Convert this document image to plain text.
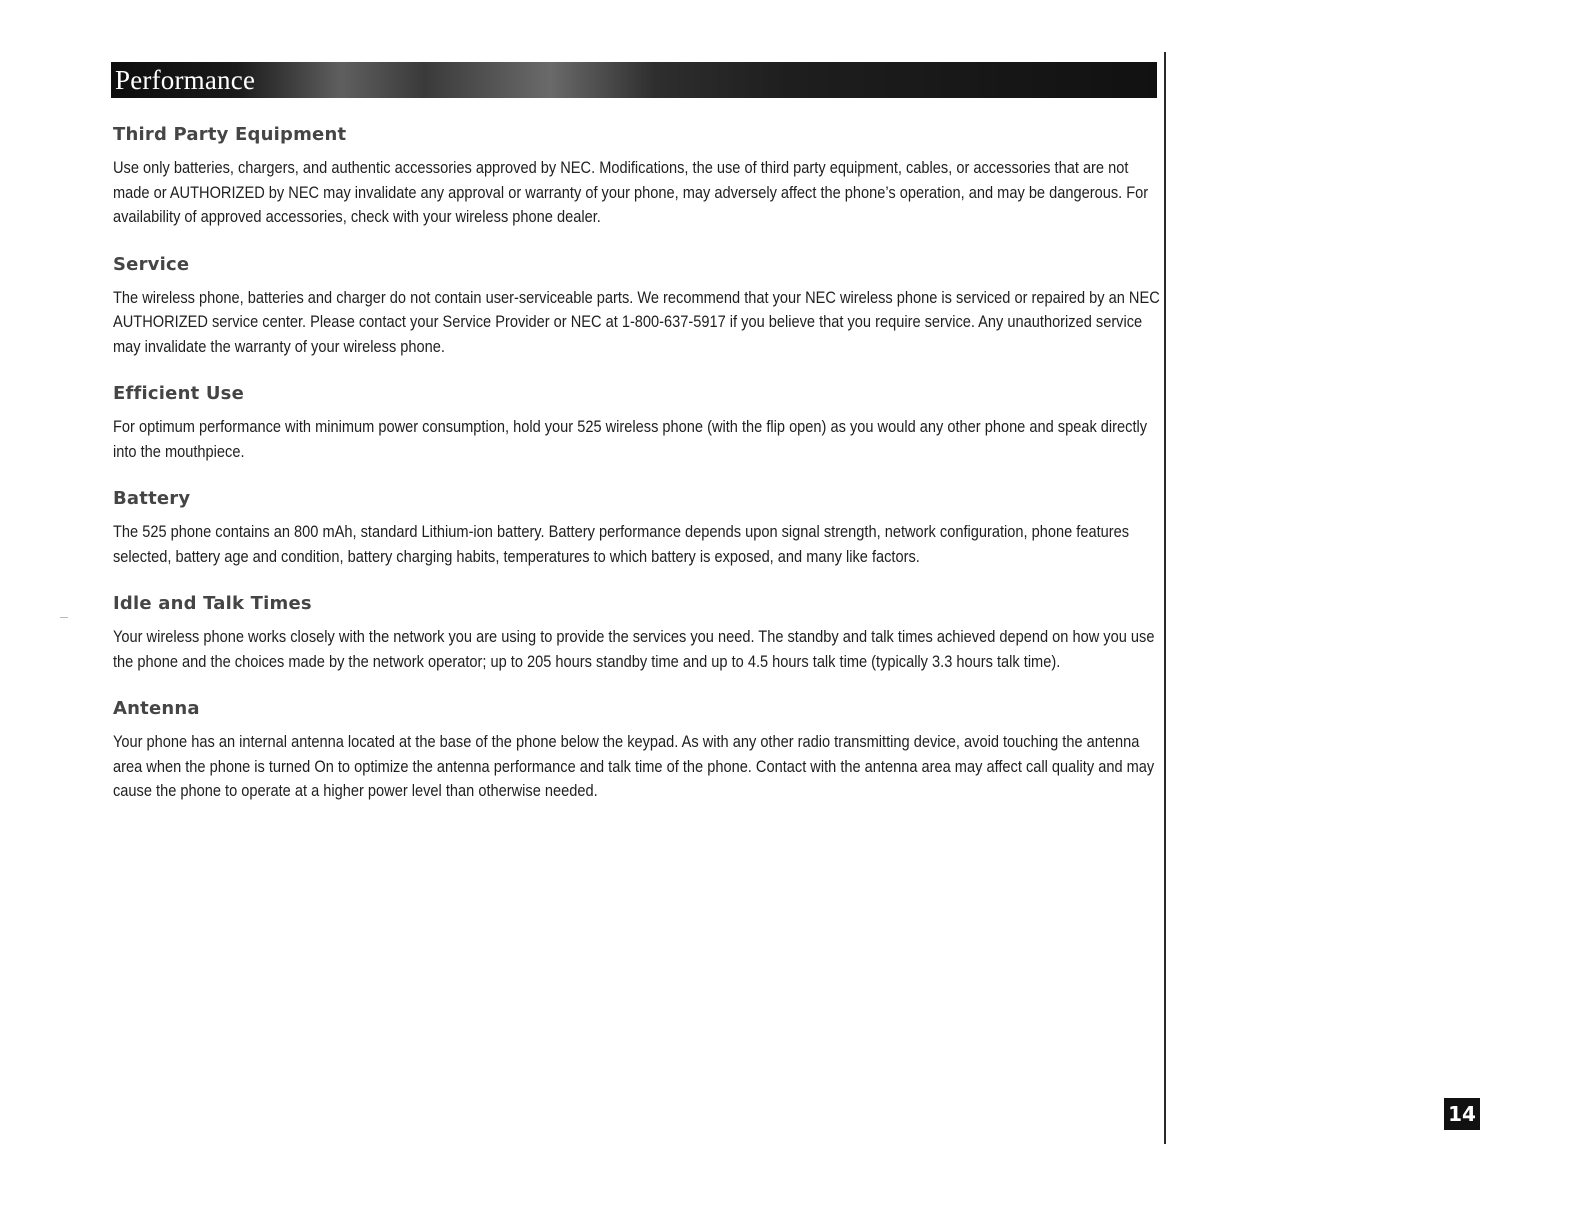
Performance
Third Party Equipment

Use only batteries, chargers, and authentic accessories approved by NEC. Modifications, the use of third party equipment, cables, or accessories that are not made or AUTHORIZED by NEC may invalidate any approval or warranty of your phone, may adversely affect the phone’s operation, and may be dangerous. For availability of approved accessories, check with your wireless phone dealer.

Service

The wireless phone, batteries and charger do not contain user-serviceable parts. We recommend that your NEC wireless phone is serviced or repaired by an NEC AUTHORIZED service center. Please contact your Service Provider or NEC at 1-800-637-5917 if you believe that you require service. Any unauthorized service may invalidate the warranty of your wireless phone.

Efficient Use

For optimum performance with minimum power consumption, hold your 525 wireless phone (with the flip open) as you would any other phone and speak directly into the mouthpiece.

Battery

The 525 phone contains an 800 mAh, standard Lithium-ion battery. Battery performance depends upon signal strength, network configuration, phone features selected, battery age and condition, battery charging habits, temperatures to which battery is exposed, and many like factors.

Idle and Talk Times

Your wireless phone works closely with the network you are using to provide the services you need. The standby and talk times achieved depend on how you use the phone and the choices made by the network operator; up to 205 hours standby time and up to 4.5 hours talk time (typically 3.3 hours talk time).

Antenna

Your phone has an internal antenna located at the base of the phone below the keypad. As with any other radio transmitting device, avoid touching the antenna area when the phone is turned On to optimize the antenna performance and talk time of the phone. Contact with the antenna area may affect call quality and may cause the phone to operate at a higher power level than otherwise needed.

14
